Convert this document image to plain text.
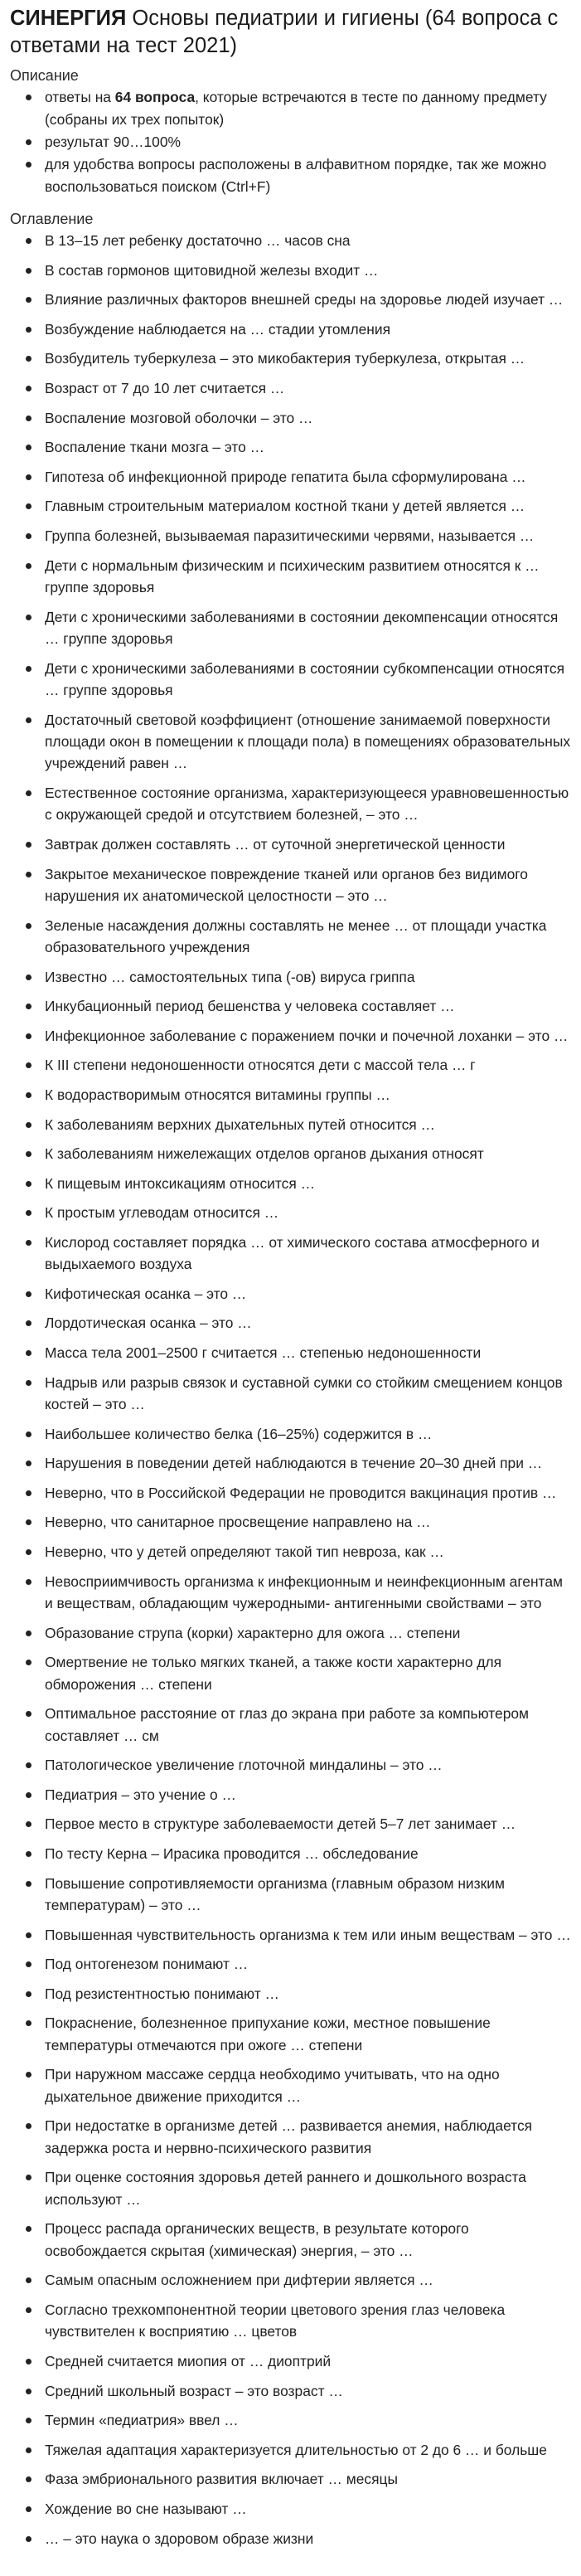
СИНЕРГИЯ Основы педиатрии и гигиены (64 вопроса с ответами на тест 2021)

Описание

ответы на 64 вопроса, которые встречаются в тесте по данному предмету (собраны их трех попыток)
результат 90…100%
для удобства вопросы расположены в алфавитном порядке, так же можно воспользоваться поиском (Ctrl+F)

Оглавление

В 13–15 лет ребенку достаточно … часов сна
В состав гормонов щитовидной железы входит …
Влияние различных факторов внешней среды на здоровье людей изучает …
Возбуждение наблюдается на … стадии утомления
Возбудитель туберкулеза – это микобактерия туберкулеза, открытая …
Возраст от 7 до 10 лет считается …
Воспаление мозговой оболочки – это …
Воспаление ткани мозга – это …
Гипотеза об инфекционной природе гепатита была сформулирована …
Главным строительным материалом костной ткани у детей является …
Группа болезней, вызываемая паразитическими червями, называется …
Дети с нормальным физическим и психическим развитием относятся к … группе здоровья
Дети с хроническими заболеваниями в состоянии декомпенсации относятся … группе здоровья
Дети с хроническими заболеваниями в состоянии субкомпенсации относятся … группе здоровья
Достаточный световой коэффициент (отношение занимаемой поверхности площади окон в помещении к площади пола) в помещениях образовательных учреждений равен …
Естественное состояние организма, характеризующееся уравновешенностью с окружающей средой и отсутствием болезней, – это …
Завтрак должен составлять … от суточной энергетической ценности
Закрытое механическое повреждение тканей или органов без видимого нарушения их анатомической целостности – это …
Зеленые насаждения должны составлять не менее … от площади участка образовательного учреждения
Известно … самостоятельных типа (-ов) вируса гриппа
Инкубационный период бешенства у человека составляет …
Инфекционное заболевание с поражением почки и почечной лоханки – это …
К III степени недоношенности относятся дети с массой тела … г
К водорастворимым относятся витамины группы …
К заболеваниям верхних дыхательных путей относится …
К заболеваниям нижележащих отделов органов дыхания относят
К пищевым интоксикациям относится …
К простым углеводам относится …
Кислород составляет порядка … от химического состава атмосферного и выдыхаемого воздуха
Кифотическая осанка – это …
Лордотическая осанка – это …
Масса тела 2001–2500 г считается … степенью недоношенности
Надрыв или разрыв связок и суставной сумки со стойким смещением концов костей – это …
Наибольшее количество белка (16–25%) содержится в …
Нарушения в поведении детей наблюдаются в течение 20–30 дней при …
Неверно, что в Российской Федерации не проводится вакцинация против …
Неверно, что санитарное просвещение направлено на …
Неверно, что у детей определяют такой тип невроза, как …
Невосприимчивость организма к инфекционным и неинфекционным агентам и веществам, обладающим чужеродными- антигенными свойствами – это
Образование струпа (корки) характерно для ожога … степени
Омертвение не только мягких тканей, а также кости характерно для обморожения … степени
Оптимальное расстояние от глаз до экрана при работе за компьютером составляет … см
Патологическое увеличение глоточной миндалины – это …
Педиатрия – это учение о …
Первое место в структуре заболеваемости детей 5–7 лет занимает …
По тесту Керна – Ирасика проводится … обследование
Повышение сопротивляемости организма (главным образом низким температурам) – это …
Повышенная чувствительность организма к тем или иным веществам – это …
Под онтогенезом понимают …
Под резистентностью понимают …
Покраснение, болезненное припухание кожи, местное повышение температуры отмечаются при ожоге … степени
При наружном массаже сердца необходимо учитывать, что на одно дыхательное движение приходится …
При недостатке в организме детей … развивается анемия, наблюдается задержка роста и нервно-психического развития
При оценке состояния здоровья детей раннего и дошкольного возраста используют …
Процесс распада органических веществ, в результате которого освобождается скрытая (химическая) энергия, – это …
Самым опасным осложнением при дифтерии является …
Согласно трехкомпонентной теории цветового зрения глаз человека чувствителен к восприятию … цветов
Средней считается миопия от … диоптрий
Средний школьный возраст – это возраст …
Термин «педиатрия» ввел …
Тяжелая адаптация характеризуется длительностью от 2 до 6 … и больше
Фаза эмбрионального развития включает … месяцы
Хождение во сне называют …
… – это наука о здоровом образе жизни
